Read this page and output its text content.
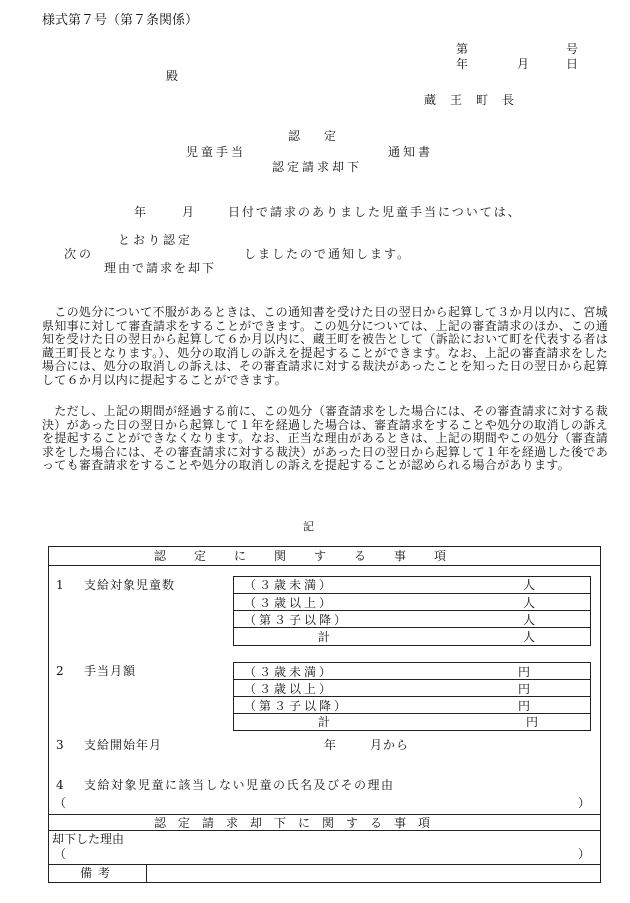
様式第７号（第７条関係）
第	号
年	月	日
殿
蔵王町長
認定
児童手当	通知書
認定請求却下
年	月	日付で請求のありました児童手当については、
とおり認定
次の	しましたので通知します。
理由で請求を却下
　この処分について不服があるときは、この通知書を受けた日の翌日から起算して３か月以内に、宮城県知事に対して審査請求をすることができます。この処分については、上記の審査請求のほか、この通知を受けた日の翌日から起算して６か月以内に、蔵王町を被告として（訴訟において町を代表する者は蔵王町長となります。）、処分の取消しの訴えを提起することができます。なお、上記の審査請求をした場合には、処分の取消しの訴えは、その審査請求に対する裁決があったことを知った日の翌日から起算して６か月以内に提起することができます。
　ただし、上記の期間が経過する前に、この処分（審査請求をした場合には、その審査請求に対する裁決）があった日の翌日から起算して１年を経過した場合は、審査請求をすることや処分の取消しの訴えを提起することができなくなります。なお、正当な理由があるときは、上記の期間やこの処分（審査請求をした場合には、その審査請求に対する裁決）があった日の翌日から起算して１年を経過した後であっても審査請求をすることや処分の取消しの訴えを提起することが認められる場合があります。
記
認定に関する事項
1 支給対象児童数	（３歳未満）	人
（３歳以上）	人
（第３子以降）	人
計	人
2 手当月額	（３歳未満）	円
（３歳以上）	円
（第３子以降）	円
計	円
3 支給開始年月	年	月から
4 支給対象児童に該当しない児童の氏名及びその理由
（	）
認定請求却下に関する事項
却下した理由
（	）
備考
